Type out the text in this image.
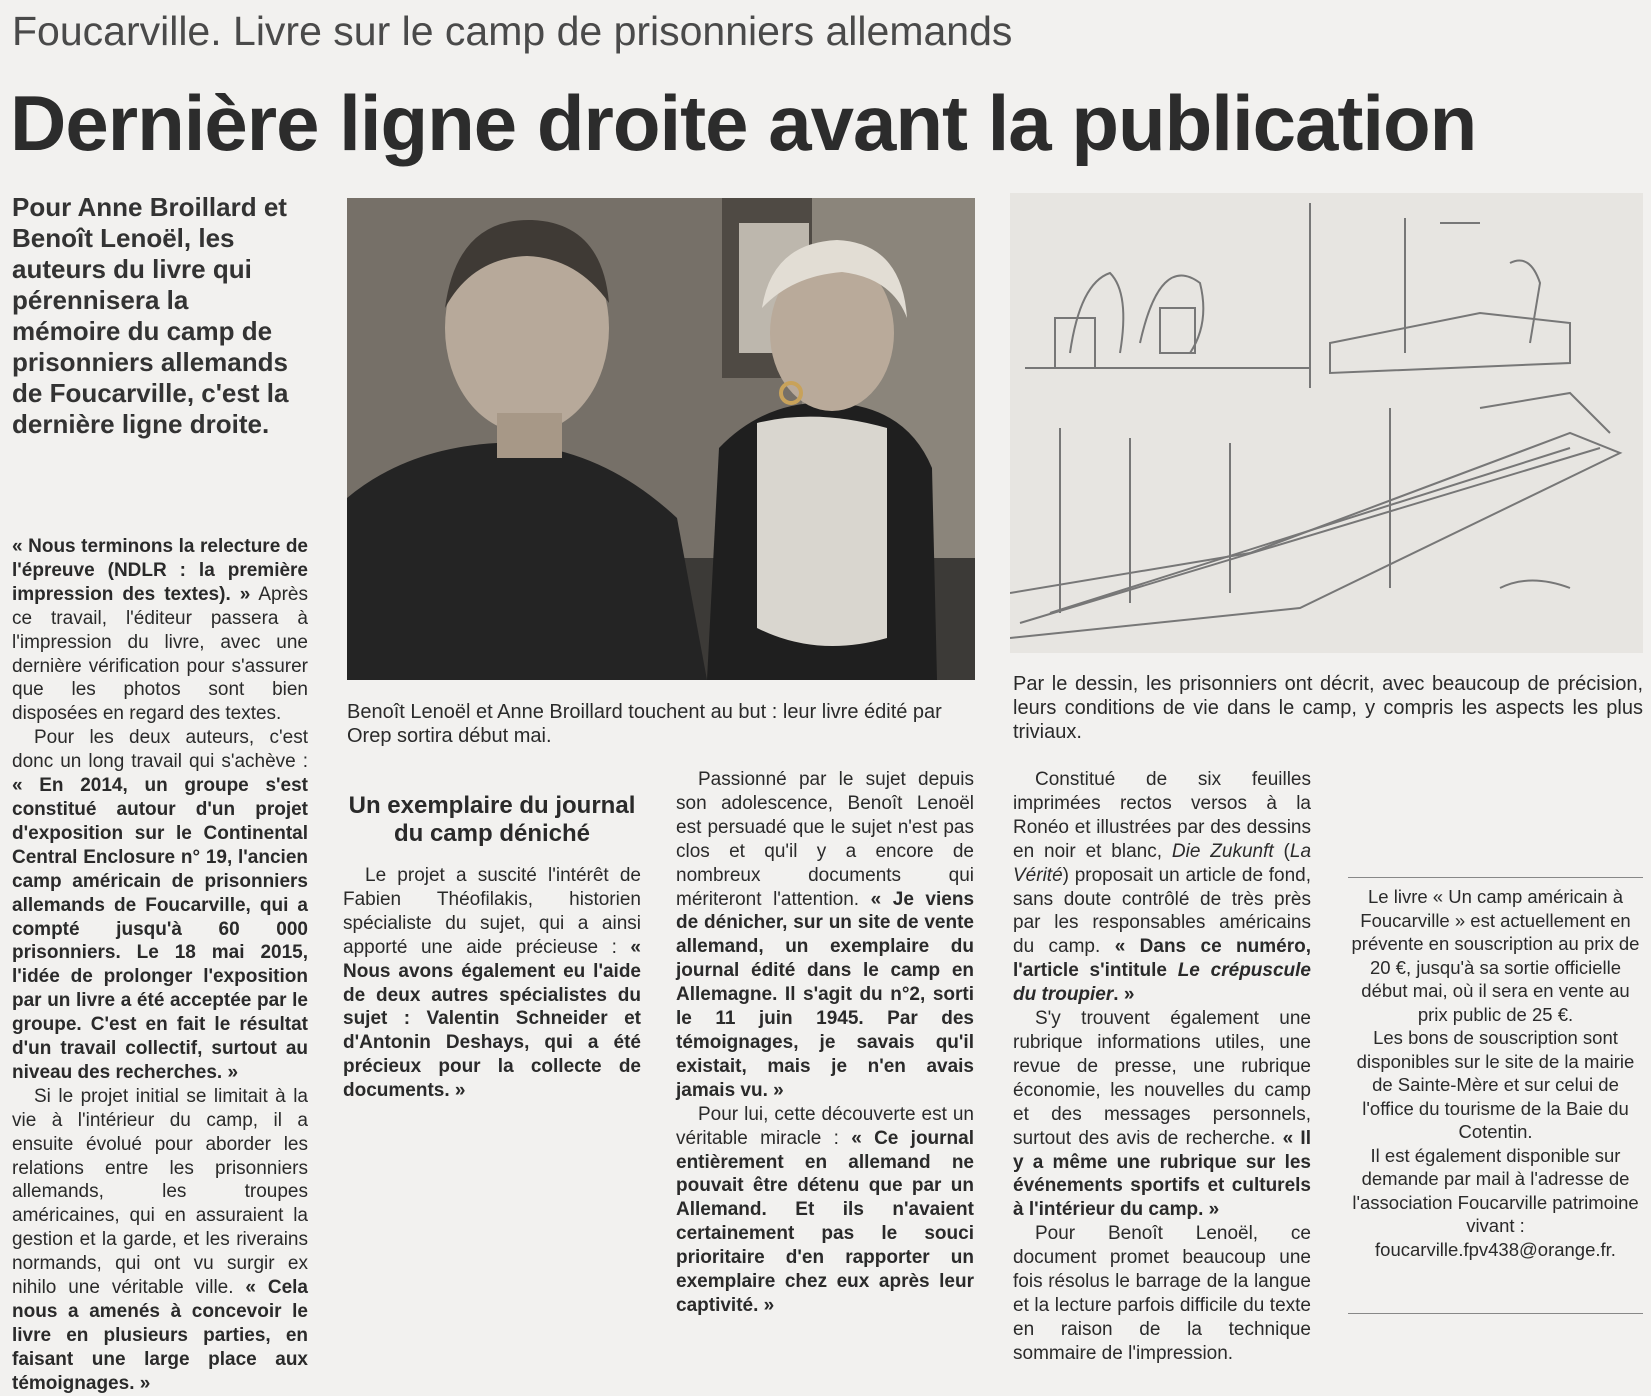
Foucarville. Livre sur le camp de prisonniers allemands
Dernière ligne droite avant la publication
Pour Anne Broillard et Benoît Lenoël, les auteurs du livre qui pérennisera la mémoire du camp de prisonniers allemands de Foucarville, c'est la dernière ligne droite.
Benoît Lenoël et Anne Broillard touchent au but : leur livre édité par Orep sortira début mai.
Par le dessin, les prisonniers ont décrit, avec beaucoup de précision, leurs conditions de vie dans le camp, y compris les aspects les plus triviaux.

« Nous terminons la relecture de l'épreuve (NDLR : la première impression des textes). » Après ce travail, l'éditeur passera à l'impression du livre, avec une dernière vérification pour s'assurer que les photos sont bien disposées en regard des textes.

Pour les deux auteurs, c'est donc un long travail qui s'achève : « En 2014, un groupe s'est constitué autour d'un projet d'exposition sur le Continental Central Enclosure n° 19, l'ancien camp américain de prisonniers allemands de Foucarville, qui a compté jusqu'à 60 000 prisonniers. Le 18 mai 2015, l'idée de prolonger l'exposition par un livre a été acceptée par le groupe. C'est en fait le résultat d'un travail collectif, surtout au niveau des recherches. »

Si le projet initial se limitait à la vie à l'intérieur du camp, il a ensuite évolué pour aborder les relations entre les prisonniers allemands, les troupes américaines, qui en assuraient la gestion et la garde, et les riverains normands, qui ont vu surgir ex nihilo une véritable ville. « Cela nous a amenés à concevoir le livre en plusieurs parties, en faisant une large place aux témoignages. »

Un exemplaire du journal du camp déniché

Le projet a suscité l'intérêt de Fabien Théofilakis, historien spécialiste du sujet, qui a ainsi apporté une aide précieuse : « Nous avons également eu l'aide de deux autres spécialistes du sujet : Valentin Schneider et d'Antonin Deshays, qui a été précieux pour la collecte de documents. »

Passionné par le sujet depuis son adolescence, Benoît Lenoël est persuadé que le sujet n'est pas clos et qu'il y a encore de nombreux documents qui mériteront l'attention. « Je viens de dénicher, sur un site de vente allemand, un exemplaire du journal édité dans le camp en Allemagne. Il s'agit du n°2, sorti le 11 juin 1945. Par des témoignages, je savais qu'il existait, mais je n'en avais jamais vu. »

Pour lui, cette découverte est un véritable miracle : « Ce journal entièrement en allemand ne pouvait être détenu que par un Allemand. Et ils n'avaient certainement pas le souci prioritaire d'en rapporter un exemplaire chez eux après leur captivité. »

Constitué de six feuilles imprimées rectos versos à la Ronéo et illustrées par des dessins en noir et blanc, Die Zukunft (La Vérité) proposait un article de fond, sans doute contrôlé de très près par les responsables américains du camp. « Dans ce numéro, l'article s'intitule Le crépuscule du troupier. »

S'y trouvent également une rubrique informations utiles, une revue de presse, une rubrique économie, les nouvelles du camp et des messages personnels, surtout des avis de recherche. « Il y a même une rubrique sur les événements sportifs et culturels à l'intérieur du camp. »

Pour Benoît Lenoël, ce document promet beaucoup une fois résolus le barrage de la langue et la lecture parfois difficile du texte en raison de la technique sommaire de l'impression.

Le livre « Un camp américain à Foucarville » est actuellement en prévente en souscription au prix de 20 €, jusqu'à sa sortie officielle début mai, où il sera en vente au prix public de 25 €.

Les bons de souscription sont disponibles sur le site de la mairie de Sainte-Mère et sur celui de l'office du tourisme de la Baie du Cotentin.

Il est également disponible sur demande par mail à l'adresse de l'association Foucarville patrimoine vivant : foucarville.fpv438@orange.fr.
